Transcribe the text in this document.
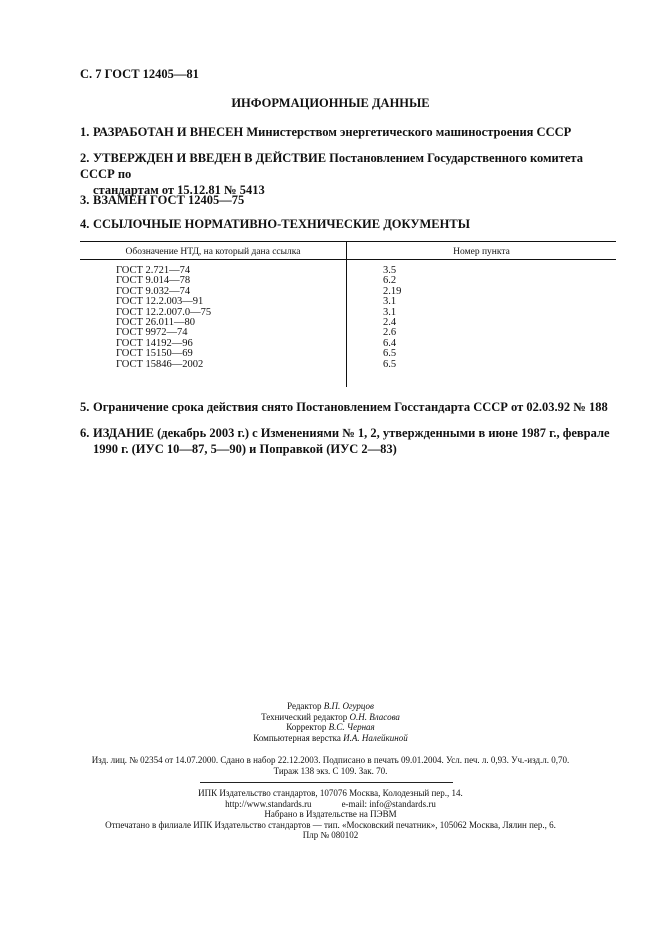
С. 7 ГОСТ 12405—81
ИНФОРМАЦИОННЫЕ ДАННЫЕ
1. РАЗРАБОТАН И ВНЕСЕН Министерством энергетического машиностроения СССР
2. УТВЕРЖДЕН И ВВЕДЕН В ДЕЙСТВИЕ Постановлением Государственного комитета СССР по
стандартам от 15.12.81 № 5413
3. ВЗАМЕН ГОСТ 12405—75
4. ССЫЛОЧНЫЕ НОРМАТИВНО-ТЕХНИЧЕСКИЕ ДОКУМЕНТЫ
Обозначение НТД, на который дана ссылка	Номер пункта
ГОСТ 2.721—74
ГОСТ 9.014—78
ГОСТ 9.032—74
ГОСТ 12.2.003—91
ГОСТ 12.2.007.0—75
ГОСТ 26.011—80
ГОСТ 9972—74
ГОСТ 14192—96
ГОСТ 15150—69
ГОСТ 15846—2002
3.5
6.2
2.19
3.1
3.1
2.4
2.6
6.4
6.5
6.5
5. Ограничение срока действия снято Постановлением Госстандарта СССР от 02.03.92 № 188
6. ИЗДАНИЕ (декабрь 2003 г.) с Изменениями № 1, 2, утвержденными в июне 1987 г., феврале
1990 г. (ИУС 10—87, 5—90) и Поправкой (ИУС 2—83)
Редактор В.П. Огурцов
Технический редактор О.Н. Власова
Корректор В.С. Черная
Компьютерная верстка И.А. Налейкиной
Изд. лиц. № 02354 от 14.07.2000. Сдано в набор 22.12.2003. Подписано в печать 09.01.2004. Усл. печ. л. 0,93. Уч.-изд.л. 0,70.
Тираж 138 экз. С 109. Зак. 70.
ИПК Издательство стандартов, 107076 Москва, Колодезный пер., 14.
http://www.standards.ru	e-mail: info@standards.ru
Набрано в Издательстве на ПЭВМ
Отпечатано в филиале ИПК Издательство стандартов — тип. «Московский печатник», 105062 Москва, Лялин пер., 6.
Плр № 080102
